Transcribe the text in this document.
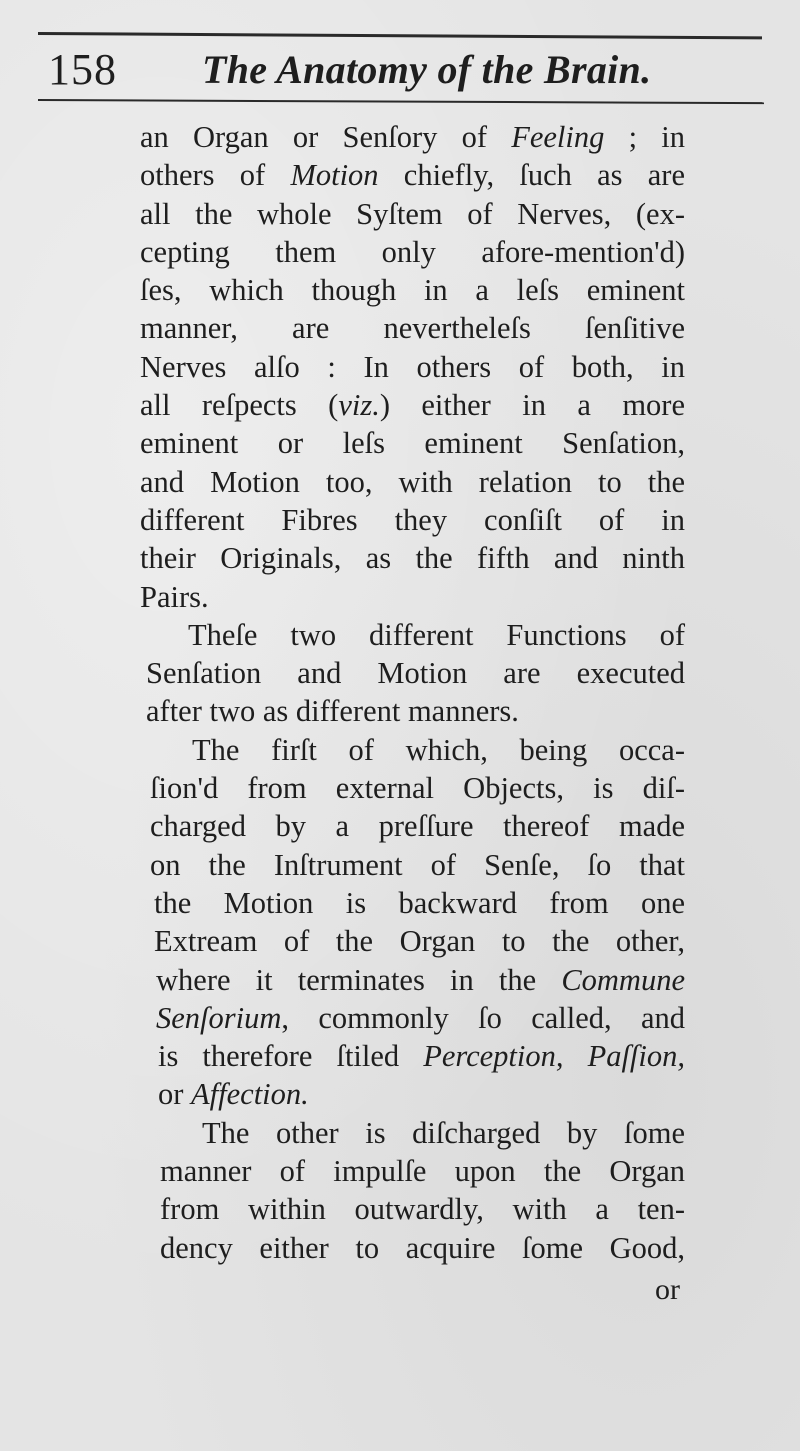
158 The Anatomy of the Brain.
an Organ or Senſory of Feeling ; in
others of Motion chiefly, ſuch as are
all the whole Syſtem of Nerves, (ex-
cepting them only afore-mention'd)
ſes, which though in a leſs eminent
manner, are nevertheleſs ſenſitive
Nerves alſo : In others of both, in
all reſpects (viz.) either in a more
eminent or leſs eminent Senſation,
and Motion too, with relation to the
different Fibres they conſiſt of in
their Originals, as the fifth and ninth
Pairs.
Theſe two different Functions of
Senſation and Motion are executed
after two as different manners.
The firſt of which, being occa-
ſion'd from external Objects, is diſ-
charged by a preſſure thereof made
on the Inſtrument of Senſe, ſo that
the Motion is backward from one
Extream of the Organ to the other,
where it terminates in the Commune
Senſorium, commonly ſo called, and
is therefore ſtiled Perception, Paſſion,
or Affection.
The other is diſcharged by ſome
manner of impulſe upon the Organ
from within outwardly, with a ten-
dency either to acquire ſome Good,
or
